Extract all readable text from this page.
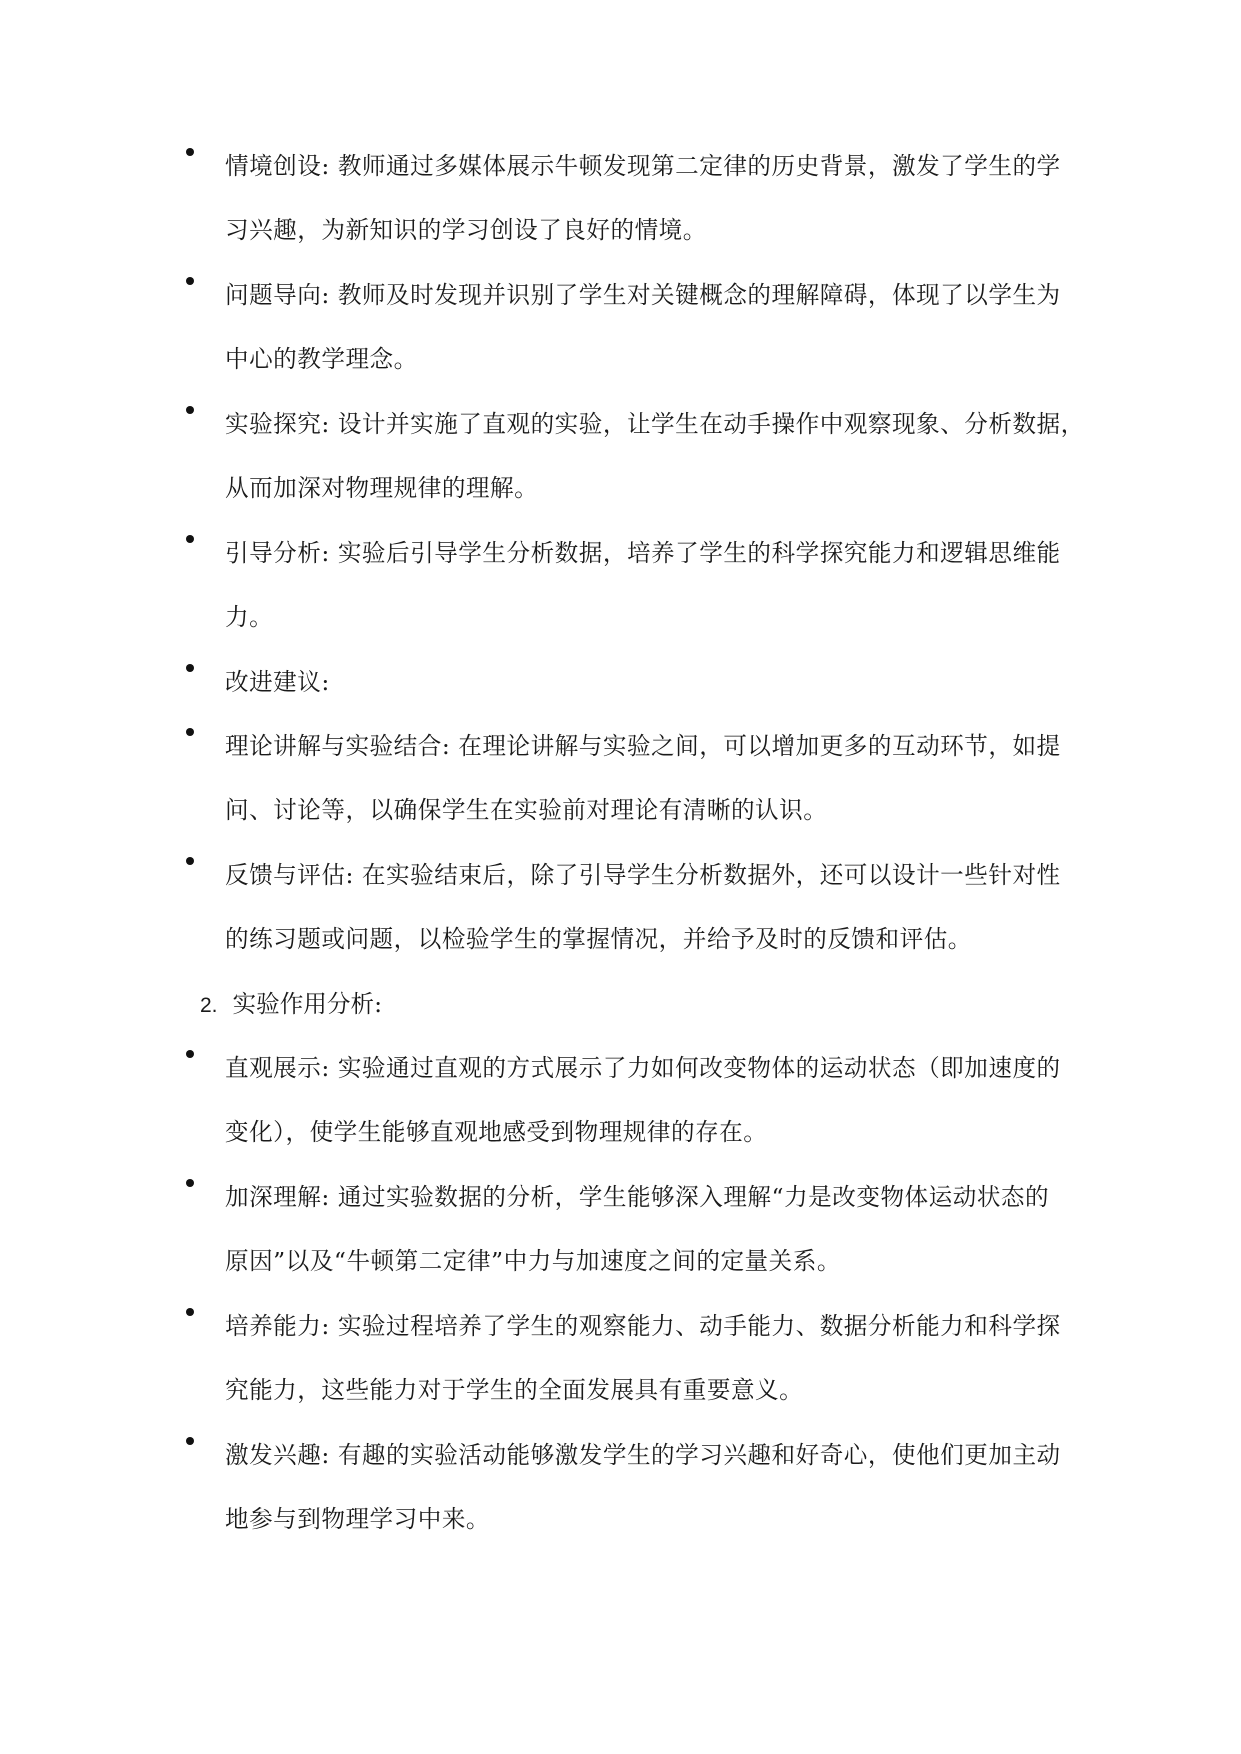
情境创设: 教师通过多媒体展示牛顿发现第二定律的历史背景，激发了学生的学
习兴趣，为新知识的学习创设了良好的情境。
问题导向: 教师及时发现并识别了学生对关键概念的理解障碍，体现了以学生为
中心的教学理念。
实验探究: 设计并实施了直观的实验，让学生在动手操作中观察现象、分析数据，
从而加深对物理规律的理解。
引导分析: 实验后引导学生分析数据，培养了学生的科学探究能力和逻辑思维能
力。
改进建议:
理论讲解与实验结合: 在理论讲解与实验之间，可以增加更多的互动环节，如提
问、讨论等，以确保学生在实验前对理论有清晰的认识。
反馈与评估: 在实验结束后，除了引导学生分析数据外，还可以设计一些针对性
的练习题或问题，以检验学生的掌握情况，并给予及时的反馈和评估。
2. 实验作用分析:
直观展示: 实验通过直观的方式展示了力如何改变物体的运动状态（即加速度的
变化），使学生能够直观地感受到物理规律的存在。
加深理解: 通过实验数据的分析，学生能够深入理解“力是改变物体运动状态的
原因”以及“牛顿第二定律”中力与加速度之间的定量关系。
培养能力: 实验过程培养了学生的观察能力、动手能力、数据分析能力和科学探
究能力，这些能力对于学生的全面发展具有重要意义。
激发兴趣: 有趣的实验活动能够激发学生的学习兴趣和好奇心，使他们更加主动
地参与到物理学习中来。
